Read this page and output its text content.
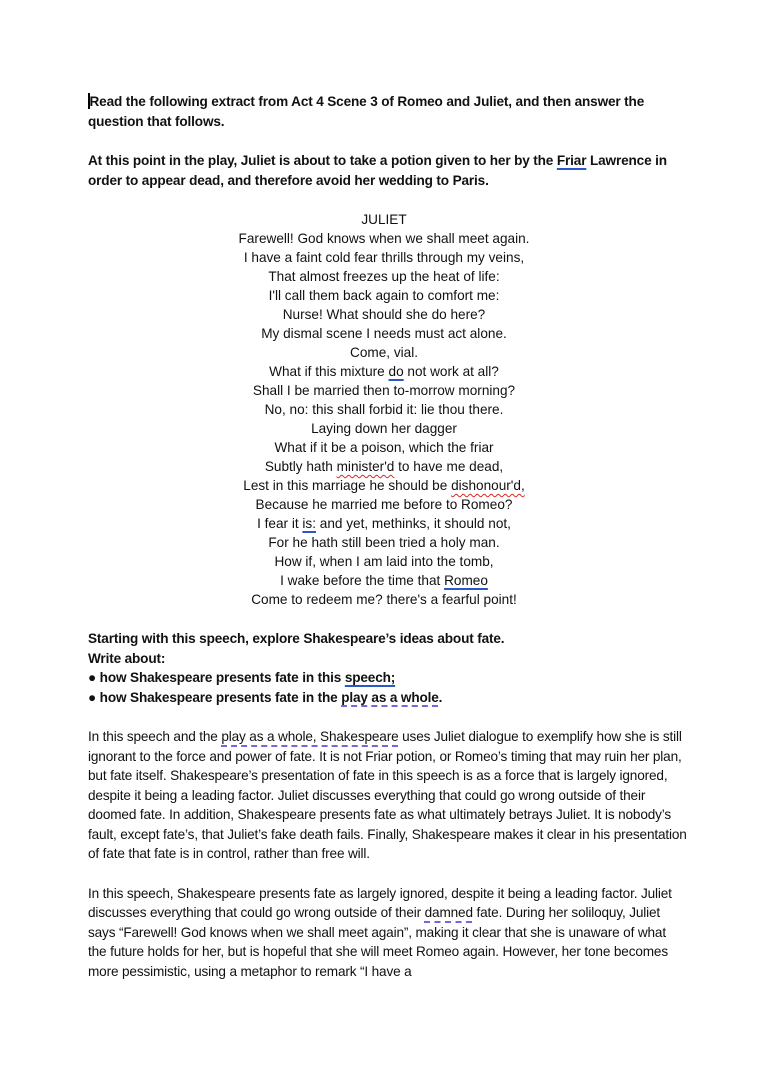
Read the following extract from Act 4 Scene 3 of Romeo and Juliet, and then answer the question that follows.

At this point in the play, Juliet is about to take a potion given to her by the Friar Lawrence in order to appear dead, and therefore avoid her wedding to Paris.

JULIET
Farewell! God knows when we shall meet again.
I have a faint cold fear thrills through my veins,
That almost freezes up the heat of life:
I'll call them back again to comfort me:
Nurse! What should she do here?
My dismal scene I needs must act alone.
Come, vial.
What if this mixture do not work at all?
Shall I be married then to-morrow morning?
No, no: this shall forbid it: lie thou there.
Laying down her dagger
What if it be a poison, which the friar
Subtly hath minister'd to have me dead,
Lest in this marriage he should be dishonour'd,
Because he married me before to Romeo?
I fear it is: and yet, methinks, it should not,
For he hath still been tried a holy man.
How if, when I am laid into the tomb,
I wake before the time that Romeo
Come to redeem me? there's a fearful point!

Starting with this speech, explore Shakespeare’s ideas about fate.

Write about:

● how Shakespeare presents fate in this speech;

● how Shakespeare presents fate in the play as a whole.

In this speech and the play as a whole, Shakespeare uses Juliet dialogue to exemplify how she is still ignorant to the force and power of fate. It is not Friar potion, or Romeo’s timing that may ruin her plan, but fate itself. Shakespeare’s presentation of fate in this speech is as a force that is largely ignored, despite it being a leading factor. Juliet discusses everything that could go wrong outside of their doomed fate. In addition, Shakespeare presents fate as what ultimately betrays Juliet. It is nobody’s fault, except fate’s, that Juliet’s fake death fails. Finally, Shakespeare makes it clear in his presentation of fate that fate is in control, rather than free will.

In this speech, Shakespeare presents fate as largely ignored, despite it being a leading factor. Juliet discusses everything that could go wrong outside of their damned fate. During her soliloquy, Juliet says “Farewell! God knows when we shall meet again”, making it clear that she is unaware of what the future holds for her, but is hopeful that she will meet Romeo again. However, her tone becomes more pessimistic, using a metaphor to remark “I have a
